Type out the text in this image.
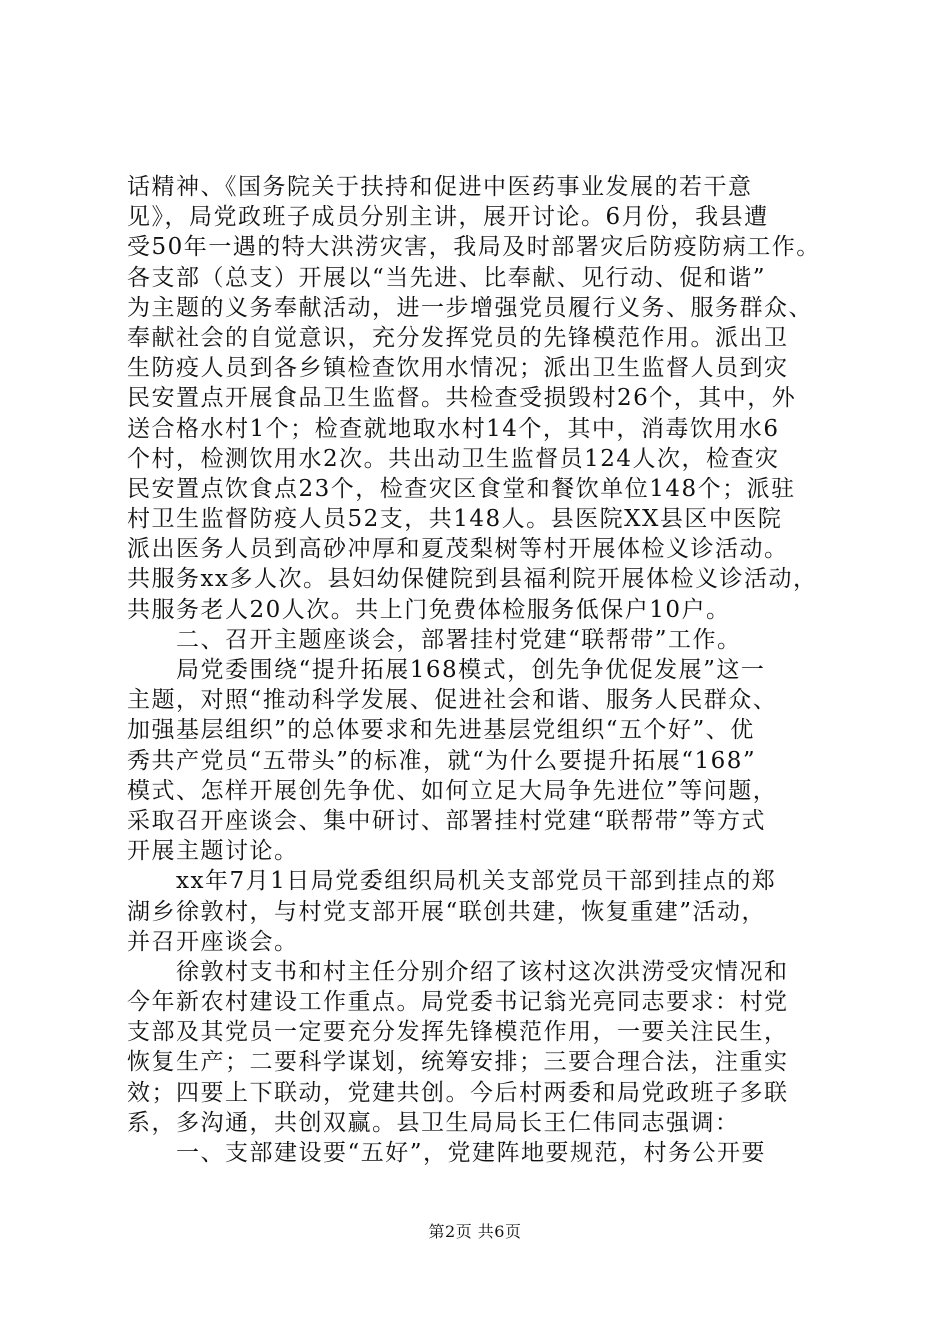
话精神、《国务院关于扶持和促进中医药事业发展的若干意
见》，局党政班子成员分别主讲，展开讨论。6月份，我县遭
受50年一遇的特大洪涝灾害，我局及时部署灾后防疫防病工作。
各支部（总支）开展以“当先进、比奉献、见行动、促和谐”
为主题的义务奉献活动，进一步增强党员履行义务、服务群众、
奉献社会的自觉意识，充分发挥党员的先锋模范作用。派出卫
生防疫人员到各乡镇检查饮用水情况；派出卫生监督人员到灾
民安置点开展食品卫生监督。共检查受损毁村26个，其中，外
送合格水村1个；检查就地取水村14个，其中，消毒饮用水6
个村，检测饮用水2次。共出动卫生监督员124人次，检查灾
民安置点饮食点23个，检查灾区食堂和餐饮单位148个；派驻
村卫生监督防疫人员52支，共148人。县医院XX县区中医院
派出医务人员到高砂冲厚和夏茂梨树等村开展体检义诊活动。
共服务xx多人次。县妇幼保健院到县福利院开展体检义诊活动，
共服务老人20人次。共上门免费体检服务低保户10户。
二、召开主题座谈会，部署挂村党建“联帮带”工作。
局党委围绕“提升拓展168模式，创先争优促发展”这一
主题，对照“推动科学发展、促进社会和谐、服务人民群众、
加强基层组织”的总体要求和先进基层党组织“五个好”、优
秀共产党员“五带头”的标准，就“为什么要提升拓展“168”
模式、怎样开展创先争优、如何立足大局争先进位”等问题，
采取召开座谈会、集中研讨、部署挂村党建“联帮带”等方式
开展主题讨论。
xx年7月1日局党委组织局机关支部党员干部到挂点的郑
湖乡徐敦村，与村党支部开展“联创共建，恢复重建”活动，
并召开座谈会。
徐敦村支书和村主任分别介绍了该村这次洪涝受灾情况和
今年新农村建设工作重点。局党委书记翁光亮同志要求：村党
支部及其党员一定要充分发挥先锋模范作用，一要关注民生，
恢复生产；二要科学谋划，统筹安排；三要合理合法，注重实
效；四要上下联动，党建共创。今后村两委和局党政班子多联
系，多沟通，共创双赢。县卫生局局长王仁伟同志强调：
一、支部建设要“五好”，党建阵地要规范，村务公开要
第2页 共6页
